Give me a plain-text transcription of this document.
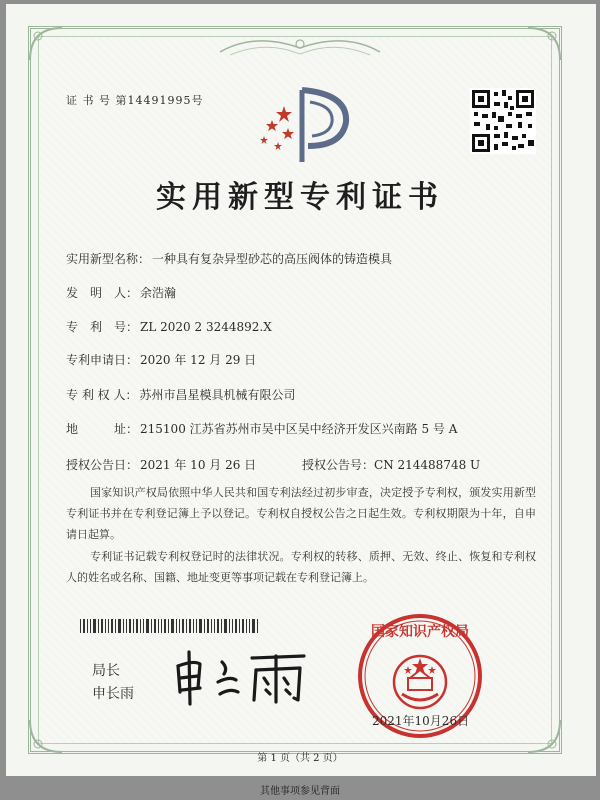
证 书 号 第14491995号
实用新型专利证书
实用新型名称： 一种具有复杂异型砂芯的高压阀体的铸造模具
发　明　人： 余浩瀚
专　利　号： ZL 2020 2 3244892.X
专利申请日： 2020 年 12 月 29 日
专 利 权 人： 苏州市昌星模具机械有限公司
地　　　址： 215100 江苏省苏州市吴中区吴中经济开发区兴南路 5 号 A
授权公告日： 2021 年 10 月 26 日	授权公告号：CN 214488748 U
国家知识产权局依照中华人民共和国专利法经过初步审查，决定授予专利权，颁发实用新型专利证书并在专利登记簿上予以登记。专利权自授权公告之日起生效。专利权期限为十年，自申请日起算。
专利证书记载专利权登记时的法律状况。专利权的转移、质押、无效、终止、恢复和专利权人的姓名或名称、国籍、地址变更等事项记载在专利登记簿上。
局长
申长雨
国家知识产权局
2021年10月26日
第 1 页（共 2 页）
其他事项参见背面
